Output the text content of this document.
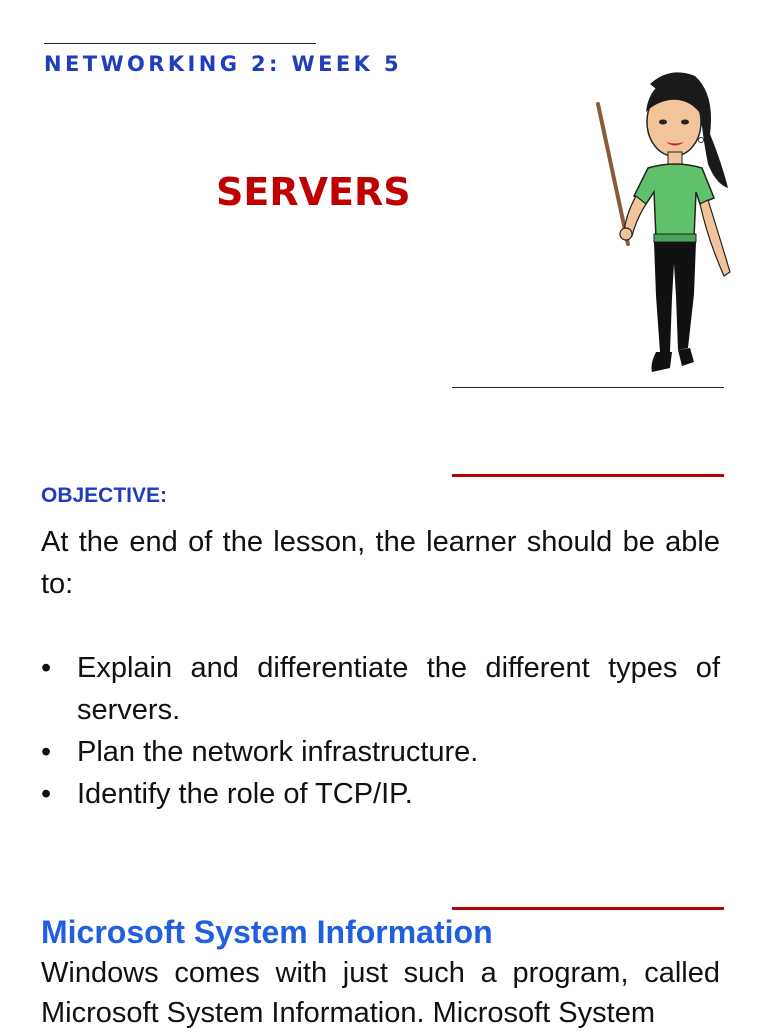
NETWORKING 2: WEEK 5
SERVERS
OBJECTIVE:

At the end of the lesson, the learner should be able to:

• Explain and differentiate the different types of servers.
• Plan the network infrastructure.
• Identify the role of TCP/IP.
Microsoft System Information

Windows comes with just such a program, called Microsoft System Information. Microsoft System
